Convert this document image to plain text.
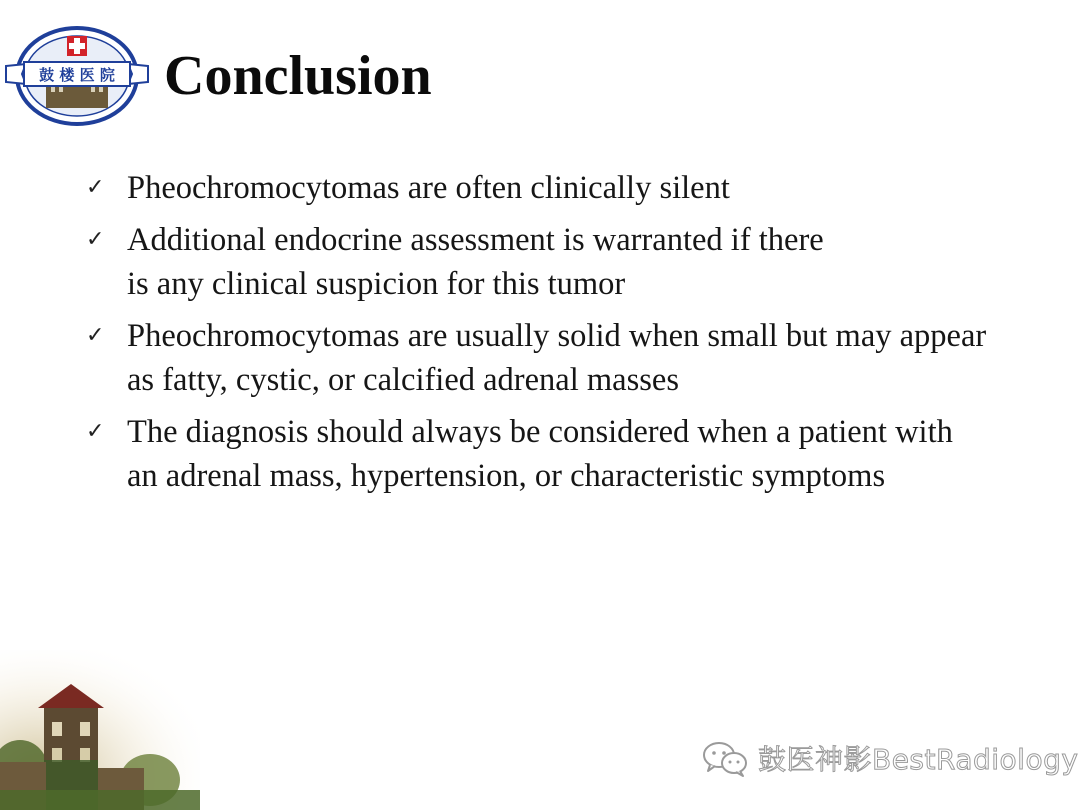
鼓 楼 医 院 Conclusion
✓ Pheochromocytomas are often clinically silent
✓ Additional endocrine assessment is warranted if there is any clinical suspicion for this tumor
✓ Pheochromocytomas are usually solid when small but may appear as fatty, cystic, or calcified adrenal masses
✓ The diagnosis should always be considered when a patient with an adrenal mass, hypertension, or characteristic symptoms
鼓医神影BestRadiology
